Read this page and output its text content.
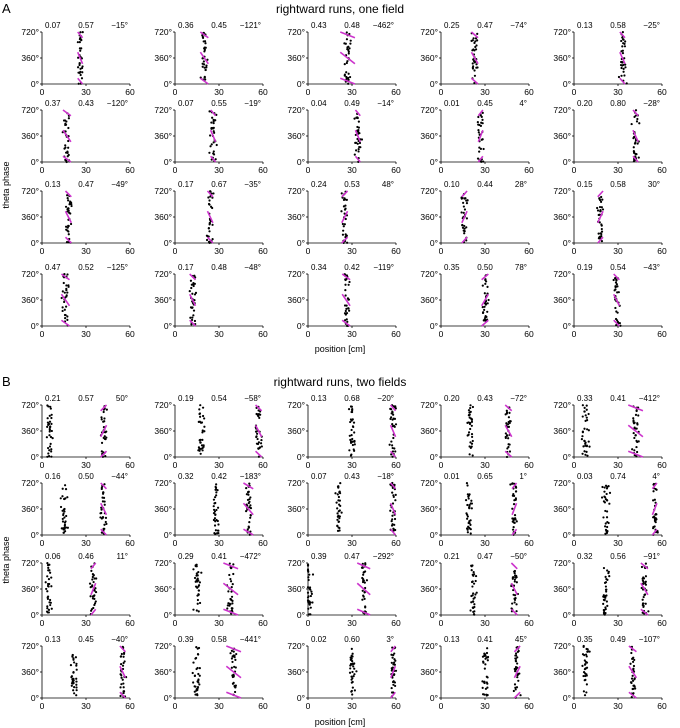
A	rightward runs, one field
theta phase
position [cm]
0	30	60
0°
360°
720°
0.07 0.57 −15°
0	30	60
0°
360°
720°
0.36 0.45 −121°
0	30	60
0°
360°
720°
0.43 0.48 −462°
0	30	60
0°
360°
720°
0.25 0.47 −74°
0	30	60
0°
360°
720°
0.13 0.58 −25°
0	30	60
0°
360°
720°
0.37 0.43 −120°
0	30	60
0°
360°
720°
0.07 0.55 −19°
0	30	60
0°
360°
720°
0.04 0.49 −14°
0	30	60
0°
360°
720°
0.01 0.45	4°
0	30	60
0°
360°
720°
0.20 0.80 −28°
0	30	60
0°
360°
720°
0.13 0.47 −49°
0	30	60
0°
360°
720°
0.17 0.67 −35°
0	30	60
0°
360°
720°
0.24 0.53	48°
0	30	60
0°
360°
720°
0.10 0.44	28°
0	30	60
0°
360°
720°
0.15 0.58	30°
0	30	60
0°
360°
720°
0.47 0.52 −125°
0	30	60
0°
360°
720°
0.17 0.48 −48°
0	30	60
0°
360°
720°
0.34 0.42 −119°
0	30	60
0°
360°
720°
0.35 0.50	78°
0	30	60
0°
360°
720°
0.19 0.54 −43°
B	rightward runs, two fields
theta phase
position [cm]
0	30	60
0°
360°
720°
0.21 0.57	50°
0	30	60
0°
360°
720°
0.19 0.54 −58°
0	30	60
0°
360°
720°
0.13 0.68 −20°
0	30	60
0°
360°
720°
0.20 0.43 −72°
0	30	60
0°
360°
720°
0.33 0.41 −412°
0	30	60
0°
360°
720°
0.16 0.50 −44°
0	30	60
0°
360°
720°
0.32 0.42 −183°
0	30	60
0°
360°
720°
0.07 0.43 −18°
0	30	60
0°
360°
720°
0.01 0.65	1°
0	30	60
0°
360°
720°
0.03 0.74	4°
0	30	60
0°
360°
720°
0.06 0.46	11°
0	30	60
0°
360°
720°
0.29 0.41 −472°
0	30	60
0°
360°
720°
0.39 0.47 −292°
0	30	60
0°
360°
720°
0.21 0.47 −50°
0	30	60
0°
360°
720°
0.32 0.56 −91°
0	30	60
0°
360°
720°
0.13 0.45 −40°
0	30	60
0°
360°
720°
0.39 0.58 −441°
0	30	60
0°
360°
720°
0.02 0.60	3°
0	30	60
0°
360°
720°
0.13 0.41	45°
0	30	60
0°
360°
720°
0.35 0.49 −107°
